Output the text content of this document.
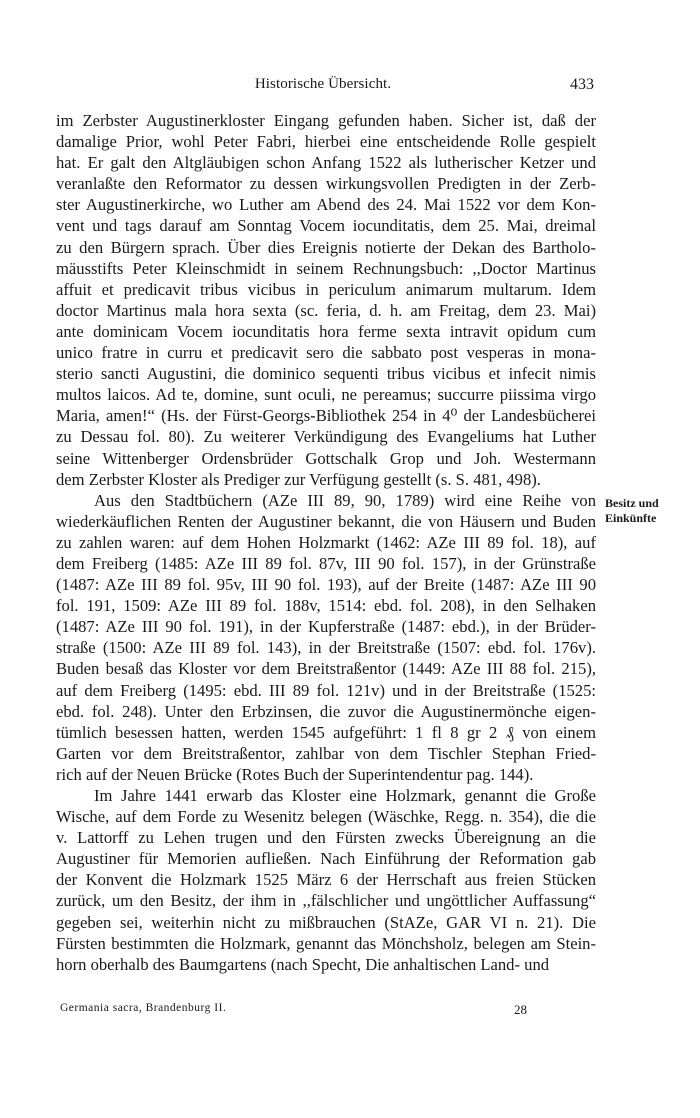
Historische Übersicht.	433
im Zerbster Augustinerkloster Eingang gefunden haben. Sicher ist, daß der
damalige Prior, wohl Peter Fabri, hierbei eine entscheidende Rolle gespielt
hat. Er galt den Altgläubigen schon Anfang 1522 als lutherischer Ketzer und
veranlaßte den Reformator zu dessen wirkungsvollen Predigten in der Zerb-
ster Augustinerkirche, wo Luther am Abend des 24. Mai 1522 vor dem Kon-
vent und tags darauf am Sonntag Vocem iocunditatis, dem 25. Mai, dreimal
zu den Bürgern sprach. Über dies Ereignis notierte der Dekan des Bartholo-
mäusstifts Peter Kleinschmidt in seinem Rechnungsbuch: ,,Doctor Martinus
affuit et predicavit tribus vicibus in periculum animarum multarum. Idem
doctor Martinus mala hora sexta (sc. feria, d. h. am Freitag, dem 23. Mai)
ante dominicam Vocem iocunditatis hora ferme sexta intravit opidum cum
unico fratre in curru et predicavit sero die sabbato post vesperas in mona-
sterio sancti Augustini, die dominico sequenti tribus vicibus et infecit nimis
multos laicos. Ad te, domine, sunt oculi, ne pereamus; succurre piissima virgo
Maria, amen!“ (Hs. der Fürst-Georgs-Bibliothek 254 in 4⁰ der Landesbücherei
zu Dessau fol. 80). Zu weiterer Verkündigung des Evangeliums hat Luther
seine Wittenberger Ordensbrüder Gottschalk Grop und Joh. Westermann
dem Zerbster Kloster als Prediger zur Verfügung gestellt (s. S. 481, 498).
Aus den Stadtbüchern (AZe III 89, 90, 1789) wird eine Reihe von
wiederkäuflichen Renten der Augustiner bekannt, die von Häusern und Buden
zu zahlen waren: auf dem Hohen Holzmarkt (1462: AZe III 89 fol. 18), auf
dem Freiberg (1485: AZe III 89 fol. 87v, III 90 fol. 157), in der Grünstraße
(1487: AZe III 89 fol. 95v, III 90 fol. 193), auf der Breite (1487: AZe III 90
fol. 191, 1509: AZe III 89 fol. 188v, 1514: ebd. fol. 208), in den Selhaken
(1487: AZe III 90 fol. 191), in der Kupferstraße (1487: ebd.), in der Brüder-
straße (1500: AZe III 89 fol. 143), in der Breitstraße (1507: ebd. fol. 176v).
Buden besaß das Kloster vor dem Breitstraßentor (1449: AZe III 88 fol. 215),
auf dem Freiberg (1495: ebd. III 89 fol. 121v) und in der Breitstraße (1525:
ebd. fol. 248). Unter den Erbzinsen, die zuvor die Augustinermönche eigen-
tümlich besessen hatten, werden 1545 aufgeführt: 1 fl 8 gr 2 ₰ von einem
Garten vor dem Breitstraßentor, zahlbar von dem Tischler Stephan Fried-
rich auf der Neuen Brücke (Rotes Buch der Superintendentur pag. 144).
Im Jahre 1441 erwarb das Kloster eine Holzmark, genannt die Große
Wische, auf dem Forde zu Wesenitz belegen (Wäschke, Regg. n. 354), die die
v. Lattorff zu Lehen trugen und den Fürsten zwecks Übereignung an die
Augustiner für Memorien aufließen. Nach Einführung der Reformation gab
der Konvent die Holzmark 1525 März 6 der Herrschaft aus freien Stücken
zurück, um den Besitz, der ihm in ,,fälschlicher und ungöttlicher Auffassung“
gegeben sei, weiterhin nicht zu mißbrauchen (StAZe, GAR VI n. 21). Die
Fürsten bestimmten die Holzmark, genannt das Mönchsholz, belegen am Stein-
horn oberhalb des Baumgartens (nach Specht, Die anhaltischen Land- und
Besitz und
Einkünfte
Germania sacra, Brandenburg II.	28
